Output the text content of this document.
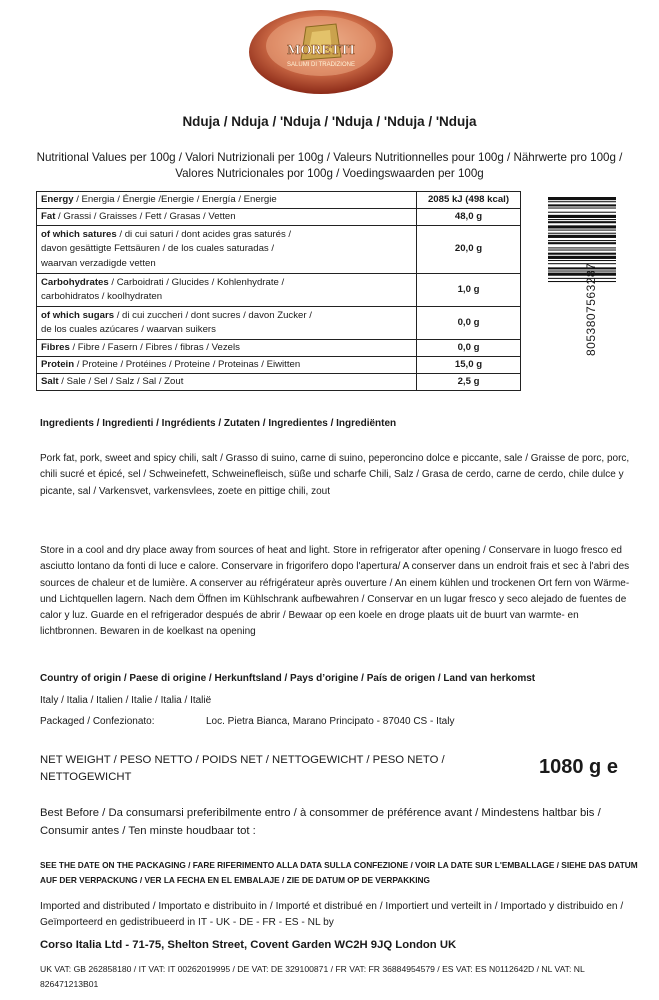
MORETTI
SALUMI DI TRADIZIONE
Nduja / Nduja / 'Nduja / 'Nduja / 'Nduja / 'Nduja
Nutritional Values per 100g / Valori Nutrizionali per 100g / Valeurs Nutritionnelles pour 100g / Nährwerte pro 100g /
Valores Nutricionales por 100g / Voedingswaarden per 100g
Energy / Energia / Énergie /Energie / Energía / Energie	2085 kJ (498 kcal)
Fat / Grassi / Graisses / Fett / Grasas / Vetten	48,0 g
of which satures / di cui saturi / dont acides gras saturés /
davon gesättigte Fettsäuren / de los cuales saturadas /
waarvan verzadigde vetten	20,0 g
Carbohydrates / Carboidrati / Glucides / Kohlenhydrate /
carbohidratos / koolhydraten	1,0 g
of which sugars / di cui zuccheri / dont sucres / davon Zucker /
de los cuales azúcares / waarvan suikers	0,0 g
Fibres / Fibre / Fasern / Fibres / fibras / Vezels	0,0 g
Protein / Proteine / Protéines / Proteine / Proteinas / Eiwitten	15,0 g
Salt / Sale / Sel / Salz / Sal / Zout	2,5 g
8053807563287
Ingredients / Ingredienti / Ingrédients / Zutaten / Ingredientes / Ingrediënten
Pork fat, pork, sweet and spicy chili, salt / Grasso di suino, carne di suino, peperoncino dolce e piccante, sale / Graisse de porc, porc, chili sucré et épicé, sel / Schweinefett, Schweinefleisch, süße und scharfe Chili, Salz / Grasa de cerdo, carne de cerdo, chile dulce y picante, sal / Varkensvet, varkensvlees, zoete en pittige chili, zout
Store in a cool and dry place away from sources of heat and light. Store in refrigerator after opening / Conservare in luogo fresco ed asciutto lontano da fonti di luce e calore. Conservare in frigorifero dopo l'apertura/ A conserver dans un endroit frais et sec à l'abri des sources de chaleur et de lumière. A conserver au réfrigérateur après ouverture / An einem kühlen und trockenen Ort fern von Wärme- und Lichtquellen lagern. Nach dem Öffnen im Kühlschrank aufbewahren / Conservar en un lugar fresco y seco alejado de fuentes de calor y luz. Guarde en el refrigerador después de abrir / Bewaar op een koele en droge plaats uit de buurt van warmte- en lichtbronnen. Bewaren in de koelkast na opening
Country of origin / Paese di origine / Herkunftsland / Pays d’origine / País de origen / Land van herkomst
Italy / Italia / Italien / Italie / Italia / Italië
Packaged / Confezionato:	Loc. Pietra Bianca, Marano Principato - 87040 CS - Italy
NET WEIGHT / PESO NETTO / POIDS NET / NETTOGEWICHT / PESO NETO / NETTOGEWICHT	1080 g e
Best Before / Da consumarsi preferibilmente entro / à consommer de préférence avant / Mindestens haltbar bis / Consumir antes / Ten minste houdbaar tot :
SEE THE DATE ON THE PACKAGING / FARE RIFERIMENTO ALLA DATA SULLA CONFEZIONE / VOIR LA DATE SUR L'EMBALLAGE / SIEHE DAS DATUM AUF DER VERPACKUNG / VER LA FECHA EN EL EMBALAJE / ZIE DE DATUM OP DE VERPAKKING
Imported and distributed / Importato e distribuito in / Importé et distribué en / Importiert und verteilt in / Importado y distribuido en / Geïmporteerd en gedistribueerd in IT - UK - DE - FR - ES - NL by
Corso Italia Ltd - 71-75, Shelton Street, Covent Garden WC2H 9JQ London UK
UK VAT: GB 262858180 / IT VAT: IT 00262019995 / DE VAT: DE 329100871 / FR VAT: FR 36884954579 / ES VAT: ES N0112642D / NL VAT: NL 826471213B01
